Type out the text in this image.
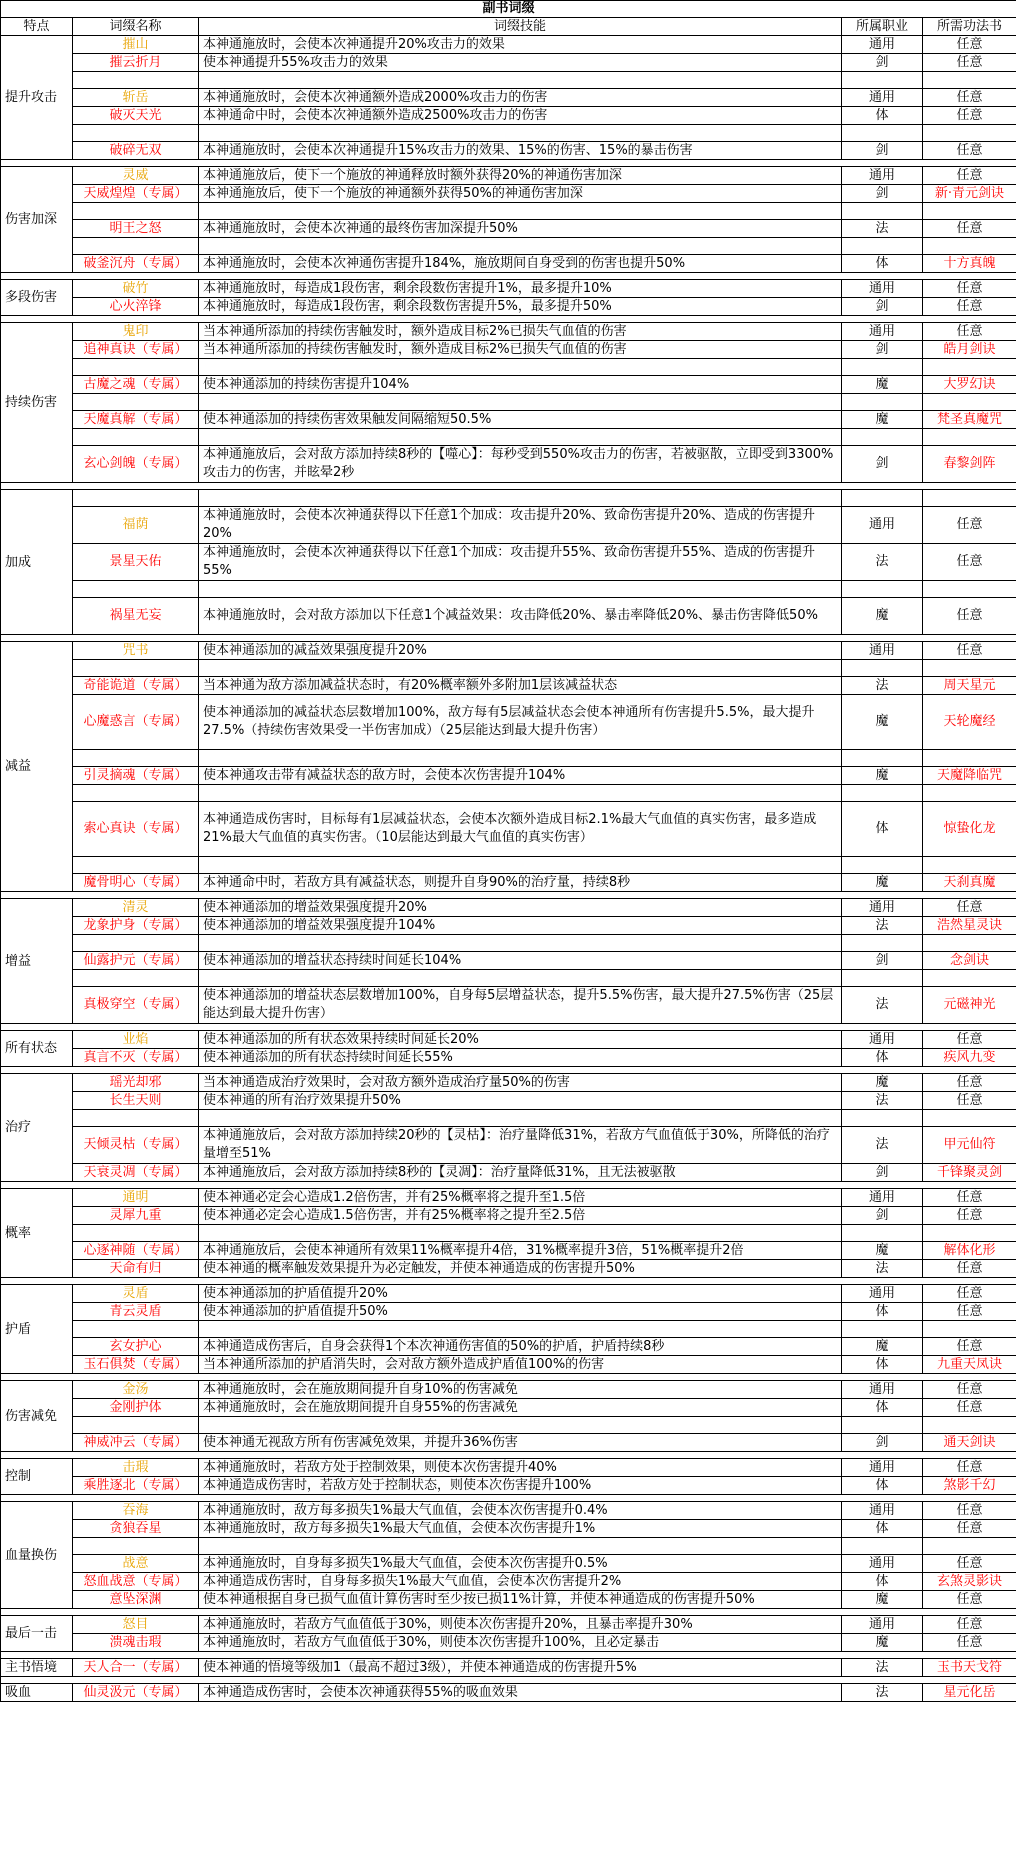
副书词缀				
特点	词缀名称	词缀技能	所属职业	所需功法书
提升攻击	摧山	本神通施放时，会使本次神通提升20%攻击力的效果	通用	任意
	摧云折月	使本神通提升55%攻击力的效果	剑	任意

	斩岳	本神通施放时，会使本次神通额外造成2000%攻击力的伤害	通用	任意
	破灭天光	本神通命中时，会使本次神通额外造成2500%攻击力的伤害	体	任意

	破碎无双	本神通施放时，会使本次神通提升15%攻击力的效果、15%的伤害、15%的暴击伤害	剑	任意

伤害加深	灵威	本神通施放后，使下一个施放的神通释放时额外获得20%的神通伤害加深	通用	任意
	天威煌煌（专属）	本神通施放后，使下一个施放的神通额外获得50%的神通伤害加深	剑	新·青元剑诀

	明王之怒	本神通施放时，会使本次神通的最终伤害加深提升50%	法	任意

	破釜沉舟（专属）	本神通施放时，会使本次神通伤害提升184%，施放期间自身受到的伤害也提升50%	体	十方真魄

多段伤害	破竹	本神通施放时，每造成1段伤害，剩余段数伤害提升1%，最多提升10%	通用	任意
	心火淬锋	本神通施放时，每造成1段伤害，剩余段数伤害提升5%，最多提升50%	剑	任意

持续伤害	鬼印	当本神通所添加的持续伤害触发时，额外造成目标2%已损失气血值的伤害	通用	任意
	追神真诀（专属）	当本神通所添加的持续伤害触发时，额外造成目标2%已损失气血值的伤害	剑	皓月剑诀

	古魔之魂（专属）	使本神通添加的持续伤害提升104%	魔	大罗幻诀

	天魔真解（专属）	使本神通添加的持续伤害效果触发间隔缩短50.5%	魔	梵圣真魔咒

	玄心剑魄（专属）	本神通施放后，会对敌方添加持续8秒的【噬心】：每秒受到550%攻击力的伤害，若被驱散，立即受到3300%攻击力的伤害，并眩晕2秒	剑	春黎剑阵

加成				
	福荫	本神通施放时，会使本次神通获得以下任意1个加成：攻击提升20%、致命伤害提升20%、造成的伤害提升20%	通用	任意
	景星天佑	本神通施放时，会使本次神通获得以下任意1个加成：攻击提升55%、致命伤害提升55%、造成的伤害提升55%	法	任意

	祸星无妄	本神通施放时，会对敌方添加以下任意1个减益效果：攻击降低20%、暴击率降低20%、暴击伤害降低50%	魔	任意

减益	咒书	使本神通添加的减益效果强度提升20%	通用	任意

	奇能诡道（专属）	当本神通为敌方添加减益状态时，有20%概率额外多附加1层该减益状态	法	周天星元
	心魔惑言（专属）	使本神通添加的减益状态层数增加100%，敌方每有5层减益状态会使本神通所有伤害提升5.5%，最大提升27.5%（持续伤害效果受一半伤害加成）（25层能达到最大提升伤害）	魔	天轮魔经

	引灵摘魂（专属）	使本神通攻击带有减益状态的敌方时，会使本次伤害提升104%	魔	天魔降临咒

	索心真诀（专属）	本神通造成伤害时，目标每有1层减益状态，会使本次额外造成目标2.1%最大气血值的真实伤害，最多造成21%最大气血值的真实伤害。（10层能达到最大气血值的真实伤害）	体	惊蛰化龙

	魔骨明心（专属）	本神通命中时，若敌方具有减益状态，则提升自身90%的治疗量，持续8秒	魔	天刹真魔

增益	清灵	使本神通添加的增益效果强度提升20%	通用	任意
	龙象护身（专属）	使本神通添加的增益效果强度提升104%	法	浩然星灵诀

	仙露护元（专属）	使本神通添加的增益状态持续时间延长104%	剑	念剑诀

	真极穿空（专属）	使本神通添加的增益状态层数增加100%，自身每5层增益状态，提升5.5%伤害，最大提升27.5%伤害（25层能达到最大提升伤害）	法	元磁神光

所有状态	业焰	使本神通添加的所有状态效果持续时间延长20%	通用	任意
	真言不灭（专属）	使本神通添加的所有状态持续时间延长55%	体	疾风九变

治疗	瑶光却邪	当本神通造成治疗效果时，会对敌方额外造成治疗量50%的伤害	魔	任意
	长生天则	使本神通的所有治疗效果提升50%	法	任意

	天倾灵枯（专属）	本神通施放后，会对敌方添加持续20秒的【灵枯】：治疗量降低31%，若敌方气血值低于30%，所降低的治疗量增至51%	法	甲元仙符
	天衰灵凋（专属）	本神通施放后，会对敌方添加持续8秒的【灵凋】：治疗量降低31%，且无法被驱散	剑	千锋聚灵剑

概率	通明	使本神通必定会心造成1.2倍伤害，并有25%概率将之提升至1.5倍	通用	任意
	灵犀九重	使本神通必定会心造成1.5倍伤害，并有25%概率将之提升至2.5倍	剑	任意

	心逐神随（专属）	本神通施放后，会使本神通所有效果11%概率提升4倍，31%概率提升3倍，51%概率提升2倍	魔	解体化形
	天命有归	使本神通的概率触发效果提升为必定触发，并使本神通造成的伤害提升50%	法	任意

护盾	灵盾	使本神通添加的护盾值提升20%	通用	任意
	青云灵盾	使本神通添加的护盾值提升50%	体	任意

	玄女护心	本神通造成伤害后，自身会获得1个本次神通伤害值的50%的护盾，护盾持续8秒	魔	任意
	玉石俱焚（专属）	当本神通所添加的护盾消失时，会对敌方额外造成护盾值100%的伤害	体	九重天凤诀

伤害减免	金汤	本神通施放时，会在施放期间提升自身10%的伤害减免	通用	任意
	金刚护体	本神通施放时，会在施放期间提升自身55%的伤害减免	体	任意

	神威冲云（专属）	使本神通无视敌方所有伤害减免效果，并提升36%伤害	剑	通天剑诀

控制	击瑕	本神通施放时，若敌方处于控制效果，则使本次伤害提升40%	通用	任意
	乘胜逐北（专属）	本神通造成伤害时，若敌方处于控制状态，则使本次伤害提升100%	体	煞影千幻

血量换伤	吞海	本神通施放时，敌方每多损失1%最大气血值，会使本次伤害提升0.4%	通用	任意
	贪狼吞星	本神通施放时，敌方每多损失1%最大气血值，会使本次伤害提升1%	体	任意

	战意	本神通施放时，自身每多损失1%最大气血值，会使本次伤害提升0.5%	通用	任意
	怒血战意（专属）	本神通造成伤害时，自身每多损失1%最大气血值，会使本次伤害提升2%	体	玄煞灵影诀
	意坠深渊	使本神通根据自身已损气血值计算伤害时至少按已损11%计算，并使本神通造成的伤害提升50%	魔	任意

最后一击	怒目	本神通施放时，若敌方气血值低于30%，则使本次伤害提升20%，且暴击率提升30%	通用	任意
	溃魂击瑕	本神通施放时，若敌方气血值低于30%，则使本次伤害提升100%，且必定暴击	魔	任意

主书悟境	天人合一（专属）	使本神通的悟境等级加1（最高不超过3级），并使本神通造成的伤害提升5%	法	玉书天戈符

吸血	仙灵汲元（专属）	本神通造成伤害时，会使本次神通获得55%的吸血效果	法	星元化岳
